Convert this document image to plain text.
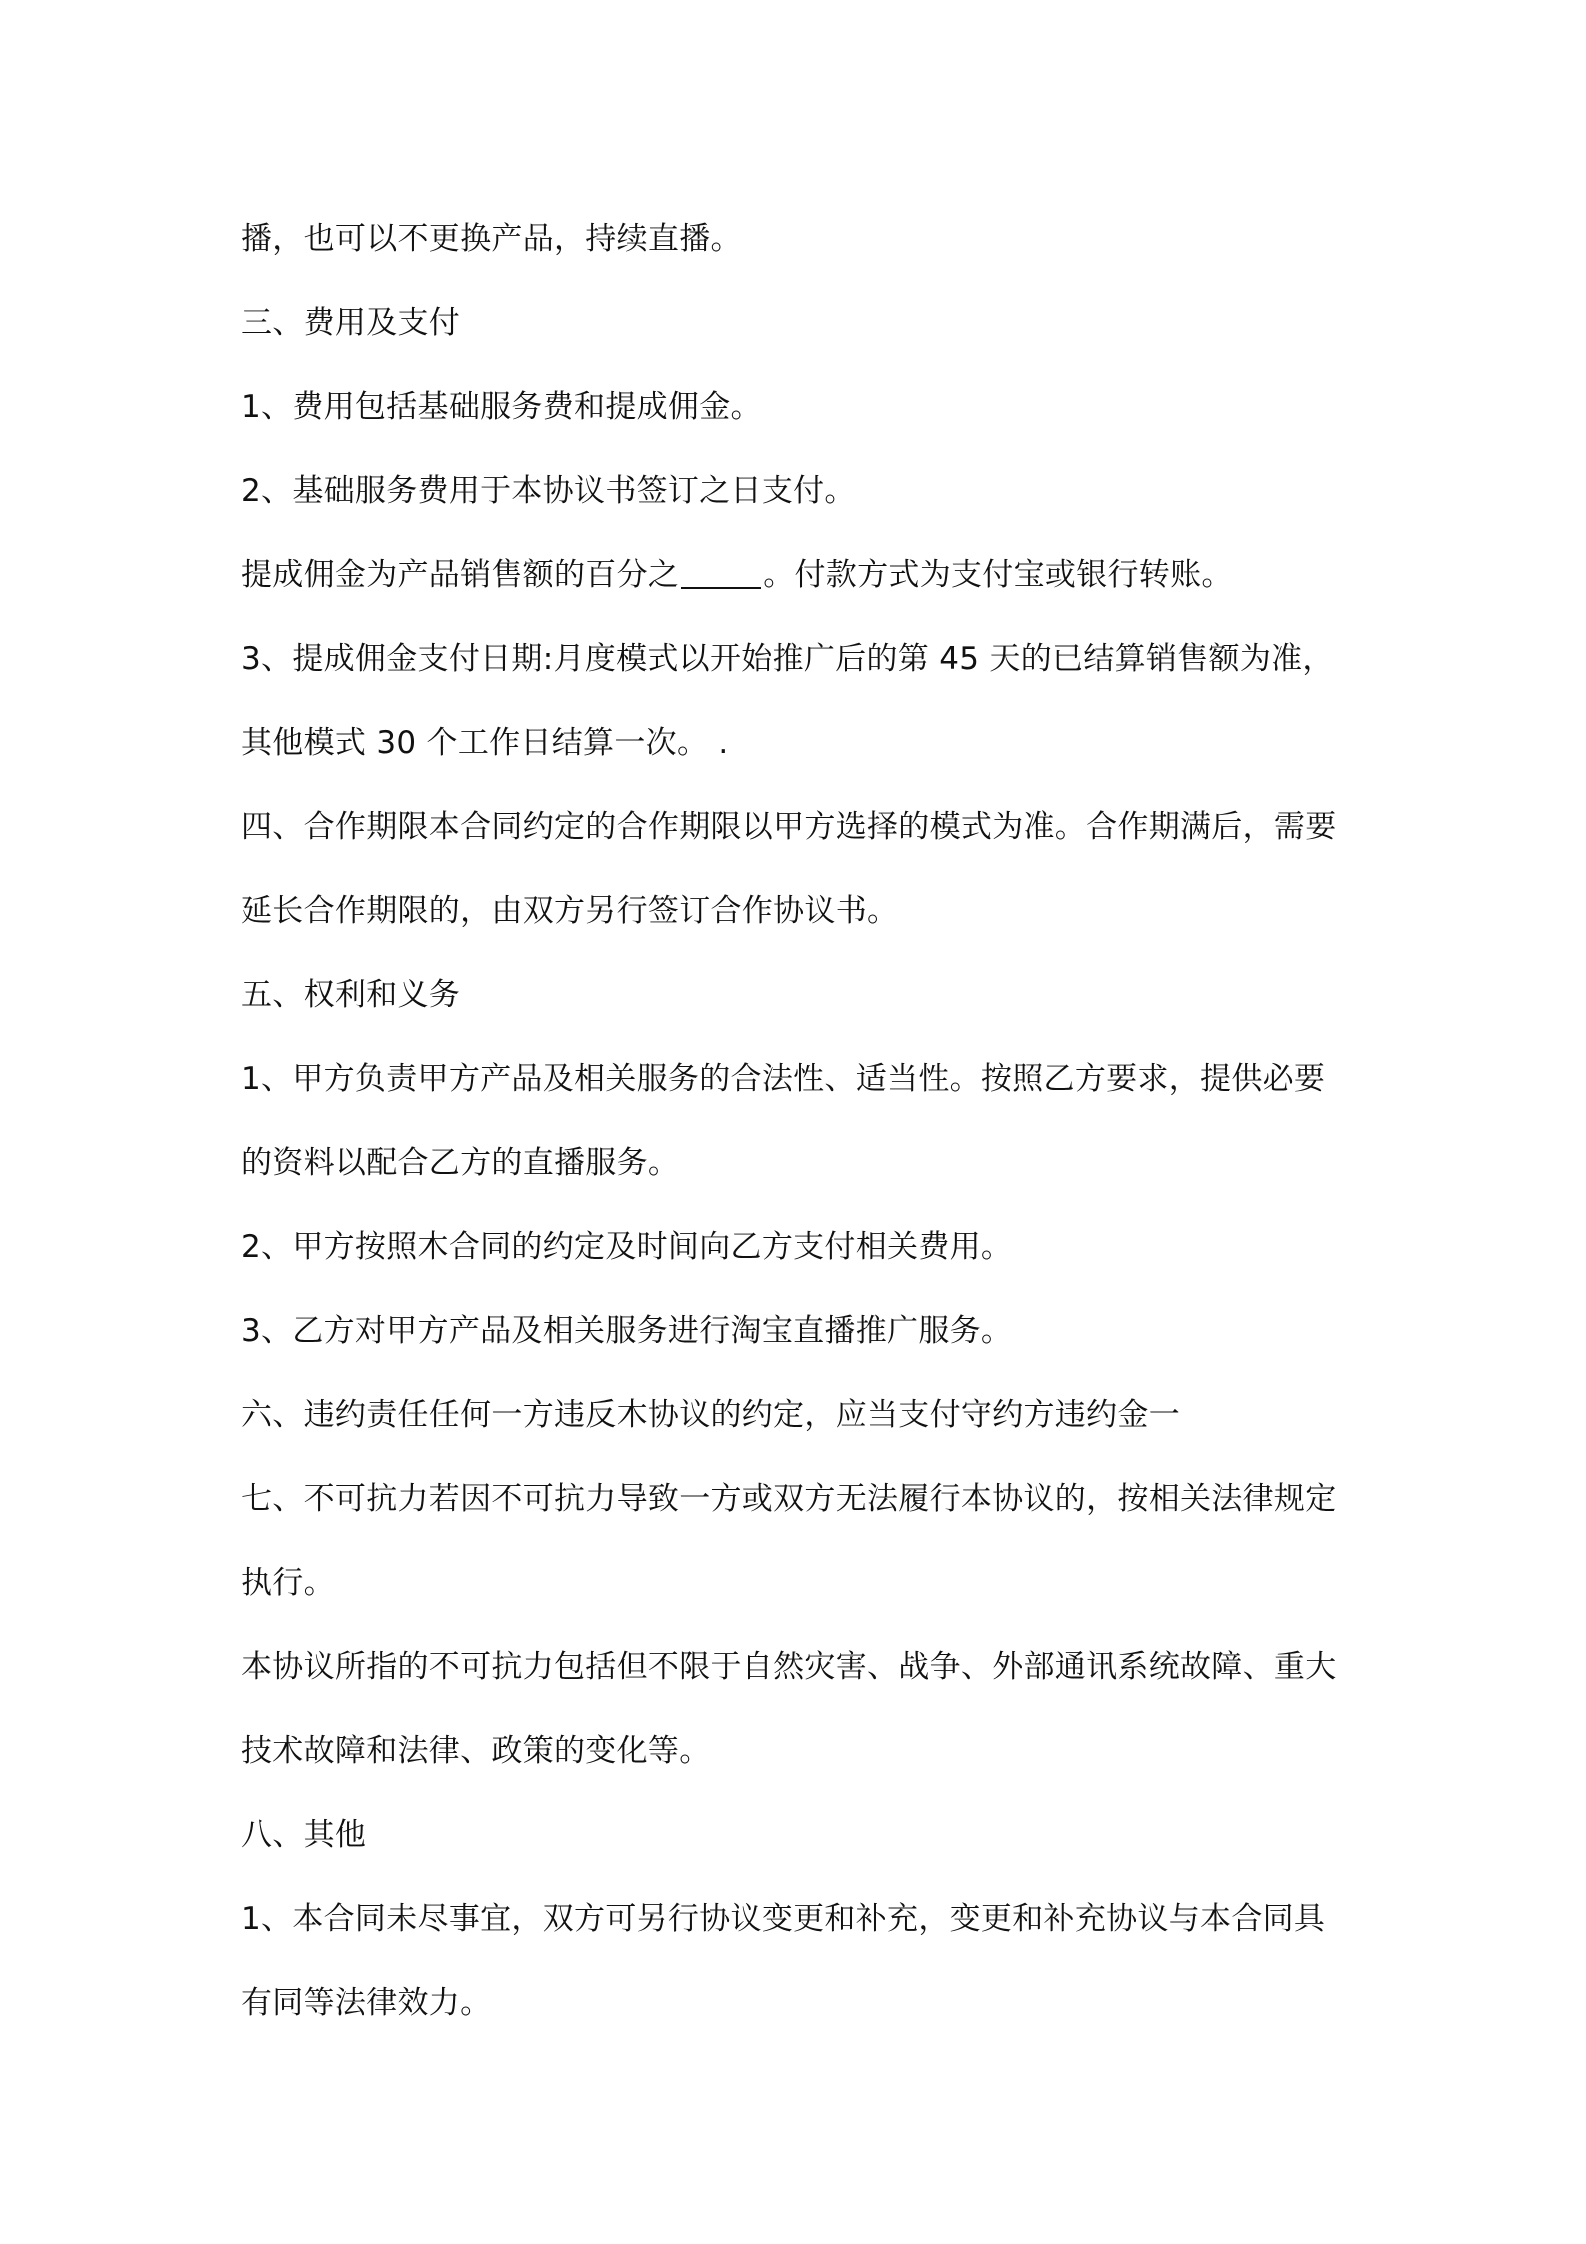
播，也可以不更换产品，持续直播。
三、费用及支付
1、费用包括基础服务费和提成佣金。
2、基础服务费用于本协议书签订之日支付。
提成佣金为产品销售额的百分之	。付款方式为支付宝或银行转账。
3、提成佣金支付日期:月度模式以开始推广后的第 45 天的已结算销售额为准，
其他模式 30 个工作日结算一次。 .
四、合作期限本合同约定的合作期限以甲方选择的模式为准。合作期满后，需要
延长合作期限的，由双方另行签订合作协议书。
五、权利和义务
1、甲方负责甲方产品及相关服务的合法性、适当性。按照乙方要求，提供必要
的资料以配合乙方的直播服务。
2、甲方按照木合同的约定及时间向乙方支付相关费用。
3、乙方对甲方产品及相关服务进行淘宝直播推广服务。
六、违约责任任何一方违反木协议的约定，应当支付守约方违约金一
七、不可抗力若因不可抗力导致一方或双方无法履行本协议的，按相关法律规定
执行。
本协议所指的不可抗力包括但不限于自然灾害、战争、外部通讯系统故障、重大
技术故障和法律、政策的变化等。
八、其他
1、本合同未尽事宜，双方可另行协议变更和补充，变更和补充协议与本合同具
有同等法律效力。
